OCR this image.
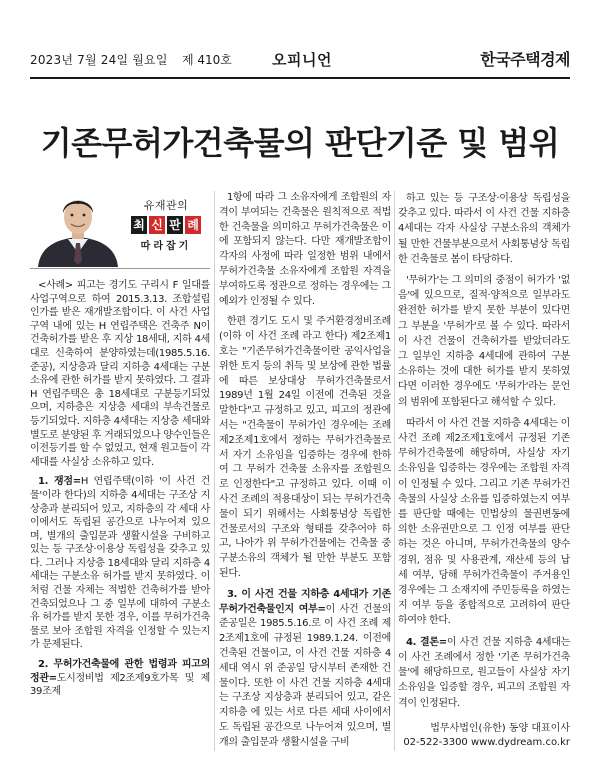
2023년 7월 24일 월요일 제 410호	오피니언	한국주택경제
기존무허가건축물의 판단기준 및 범위
유재관의
최 신 판 례
따라잡기

<사례> 피고는 경기도 구리시 F 일대를 사업구역으로 하여 2015.3.13. 조합설립인가를 받은 재개발조합이다. 이 사건 사업구역 내에 있는 H 연립주택은 건축주 N이 건축허가를 받은 후 지상 18세대, 지하 4세대로 신축하여 분양하였는데(1985.5.16. 준공), 지상층과 달리 지하층 4세대는 구분소유에 관한 허가를 받지 못하였다. 그 결과 H 연립주택은 총 18세대로 구분등기되었으며, 지하층은 지상층 세대의 부속건물로 등기되었다. 지하층 4세대는 지상층 세대와 별도로 분양된 후 거래되었으나 양수인들은 이전등기를 할 수 없었고, 현재 원고들이 각 세대를 사실상 소유하고 있다.

1. 쟁점=H 연립주택(이하 '이 사건 건물'이라 한다)의 지하층 4세대는 구조상 지상층과 분리되어 있고, 지하층의 각 세대 사이에서도 독립된 공간으로 나누어져 있으며, 별개의 출입문과 생활시설을 구비하고 있는 등 구조상·이용상 독립성을 갖추고 있다. 그러나 지상층 18세대와 달리 지하층 4세대는 구분소유 허가를 받지 못하였다. 이처럼 건물 자체는 적법한 건축허가를 받아 건축되었으나 그 중 일부에 대하여 구분소유 허가를 받지 못한 경우, 이를 무허가건축물로 보아 조합원 자격을 인정할 수 있는지가 문제된다.

2. 무허가건축물에 관한 법령과 피고의 정관=도시정비법 제2조제9호가목 및 제39조제

1항에 따라 그 소유자에게 조합원의 자격이 부여되는 건축물은 원칙적으로 적법한 건축물을 의미하고 무허가건축물은 이에 포함되지 않는다. 다만 재개발조합이 각자의 사정에 따라 일정한 범위 내에서 무허가건축물 소유자에게 조합원 자격을 부여하도록 정관으로 정하는 경우에는 그 예외가 인정될 수 있다.

한편 경기도 도시 및 주거환경정비조례(이하 이 사건 조례 라고 한다) 제2조제1호는 "기존무허가건축물이란 공익사업을 위한 토지 등의 취득 및 보상에 관한 법률에 따른 보상대상 무허가건축물로서 1989년 1월 24일 이전에 건축된 것을 말한다"고 규정하고 있고, 피고의 정관에서는 "건축물이 무허가인 경우에는 조례 제2조제1호에서 정하는 무허가건축물로서 자기 소유임을 입증하는 경우에 한하여 그 무허가 건축물 소유자를 조합원으로 인정한다"고 규정하고 있다. 이때 이 사건 조례의 적용대상이 되는 무허가건축물이 되기 위해서는 사회통념상 독립한 건물로서의 구조와 형태를 갖추어야 하고, 나아가 위 무허가건물에는 건축물 중 구분소유의 객체가 될 만한 부분도 포함된다.

3. 이 사건 건물 지하층 4세대가 기존무허가건축물인지 여부=이 사건 건물의 준공일은 1985.5.16.로 이 사건 조례 제2조제1호에 규정된 1989.1.24. 이전에 건축된 건물이고, 이 사건 건물 지하층 4세대 역시 위 준공일 당시부터 존재한 건물이다. 또한 이 사건 건물 지하층 4세대는 구조상 지상층과 분리되어 있고, 같은 지하층 에 있는 서로 다른 세대 사이에서도 독립된 공간으로 나누어져 있으며, 별개의 출입문과 생활시설을 구비

하고 있는 등 구조상·이용상 독립성을 갖추고 있다. 따라서 이 사건 건물 지하층 4세대는 각자 사실상 구분소유의 객체가 될 만한 건물부분으로서 사회통념상 독립한 건축물로 봄이 타당하다.

'무허가'는 그 의미의 중점이 허가가 '없음'에 있으므로, 질적·양적으로 일부라도 완전한 허가를 받지 못한 부분이 있다면 그 부분을 '무허가'로 볼 수 있다. 따라서 이 사건 건물이 건축허가를 받았더라도 그 일부인 지하층 4세대에 관하여 구분 소유하는 것에 대한 허가를 받지 못하였다면 이러한 경우에도 '무허가'라는 문언의 범위에 포함된다고 해석할 수 있다.

따라서 이 사건 건물 지하층 4세대는 이 사건 조례 제2조제1호에서 규정된 기존무허가건축물에 해당하며, 사실상 자기 소유임을 입증하는 경우에는 조합원 자격이 인정될 수 있다. 그리고 기존 무허가건축물의 사실상 소유를 입증하였는지 여부를 판단할 때에는 민법상의 물권변동에 의한 소유권만으로 그 인정 여부를 판단하는 것은 아니며, 무허가건축물의 양수 경위, 점유 및 사용관계, 재산세 등의 납세 여부, 당해 무허가건축물이 주거용인 경우에는 그 소재지에 주민등록을 하였는지 여부 등을 종합적으로 고려하여 판단하여야 한다.

4. 결론=이 사건 건물 지하층 4세대는 이 사건 조례에서 정한 '기존 무허가건축물'에 해당하므로, 원고들이 사실상 자기 소유임을 입증할 경우, 피고의 조합원 자격이 인정된다.

법무사법인(유한) 동양 대표이사
02-522-3300 www.dydream.co.kr
